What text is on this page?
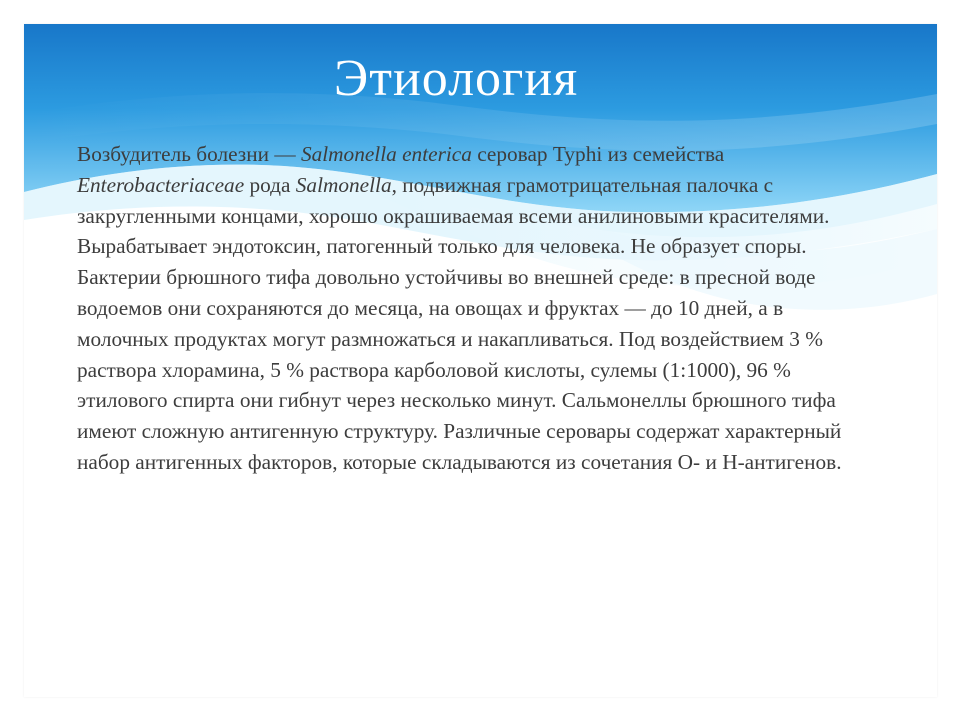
Этиология
Возбудитель болезни — Salmonella enterica серовар Typhi из семейства Enterobacteriaceae рода Salmonella, подвижная грамотрицательная палочка с закругленными концами, хорошо окрашиваемая всеми анилиновыми красителями. Вырабатывает эндотоксин, патогенный только для человека. Не образует споры. Бактерии брюшного тифа довольно устойчивы во внешней среде: в пресной воде водоемов они сохраняются до месяца, на овощах и фруктах — до 10 дней, а в молочных продуктах могут размножаться и накапливаться. Под воздействием 3 % раствора хлорамина, 5 % раствора карболовой кислоты, сулемы (1:1000), 96 % этилового спирта они гибнут через несколько минут. Сальмонеллы брюшного тифа имеют сложную антигенную структуру. Различные серовары содержат характерный набор антигенных факторов, которые складываются из сочетания О- и Н-антигенов.
